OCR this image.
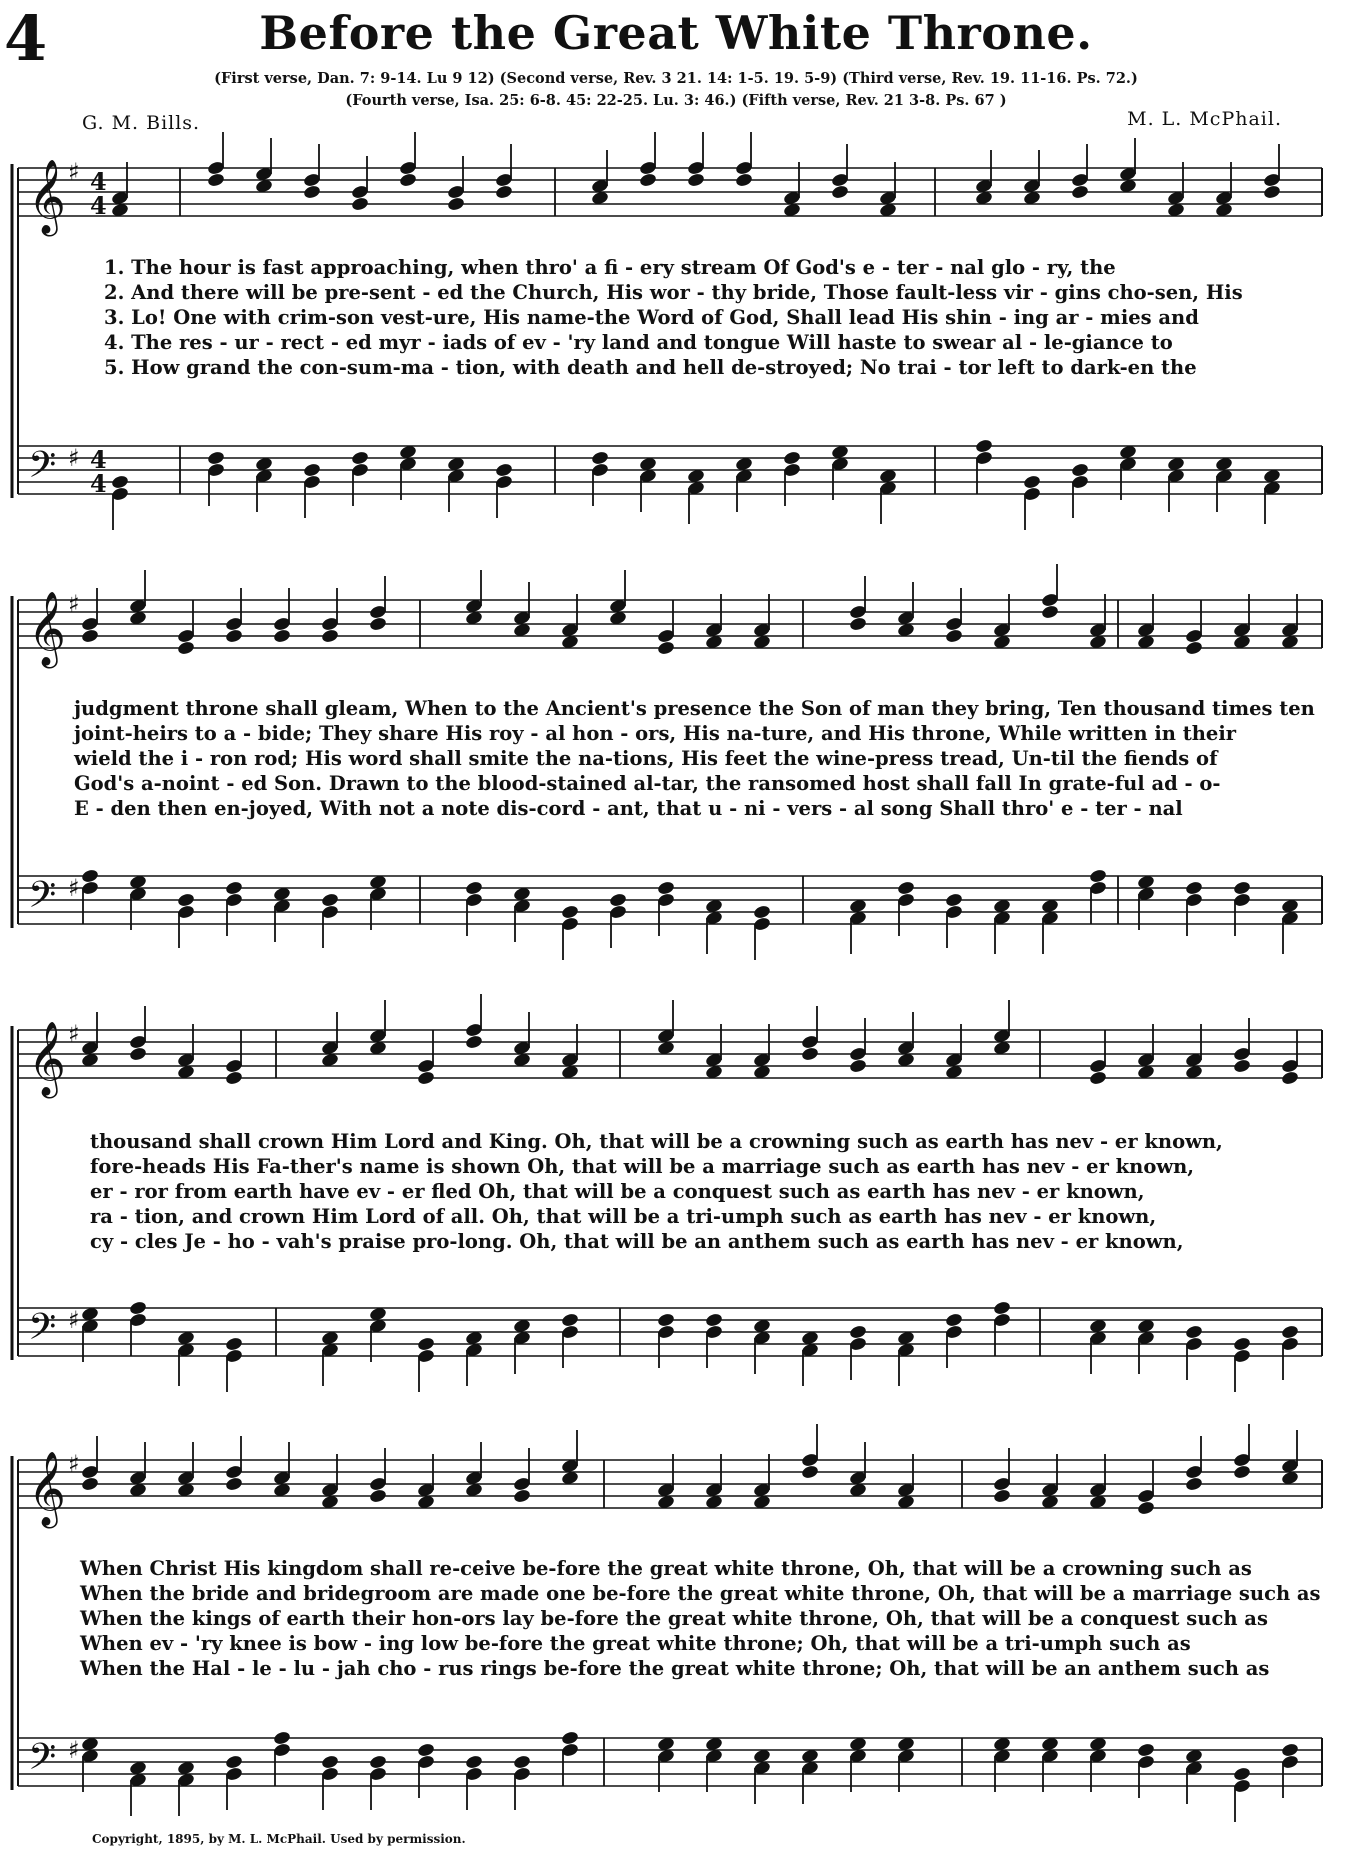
4	Before the Great White Throne.
(First verse, Dan. 7: 9-14. Lu 9 12) (Second verse, Rev. 3 21. 14: 1-5. 19. 5-9) (Third verse, Rev. 19. 11-16. Ps. 72.)
(Fourth verse, Isa. 25: 6-8. 45: 22-25. Lu. 3: 46.) (Fifth verse, Rev. 21 3-8. Ps. 67 )
G. M. Bills.	M. L. McPhail.
𝄞 ♯ 4
4
𝄢 ♯ 4
4
𝄞 ♯
𝄢 ♯
𝄞 ♯
𝄢 ♯
𝄞 ♯
𝄢 ♯
1. The hour is fast approaching, when thro' a fi - ery stream Of God's e - ter - nal glo - ry, the
2. And there will be pre-sent - ed the Church, His wor - thy bride, Those fault-less vir - gins cho-sen, His
3. Lo! One with crim-son vest-ure, His name-the Word of God, Shall lead His shin - ing ar - mies and
4. The res - ur - rect - ed myr - iads of ev - 'ry land and tongue Will haste to swear al - le-giance to
5. How grand the con-sum-ma - tion, with death and hell de-stroyed; No trai - tor left to dark-en the
judgment throne shall gleam, When to the Ancient's presence the Son of man they bring, Ten thousand times ten
joint-heirs to a - bide; They share His roy - al hon - ors, His na-ture, and His throne, While written in their
wield the i - ron rod; His word shall smite the na-tions, His feet the wine-press tread, Un-til the fiends of
God's a-noint - ed Son. Drawn to the blood-stained al-tar, the ransomed host shall fall In grate-ful ad - o-
E - den then en-joyed, With not a note dis-cord - ant, that u - ni - vers - al song Shall thro' e - ter - nal
thousand shall crown Him Lord and King. Oh, that will be a crowning such as earth has nev - er known,
fore-heads His Fa-ther's name is shown Oh, that will be a marriage such as earth has nev - er known,
er - ror from earth have ev - er fled Oh, that will be a conquest such as earth has nev - er known,
ra - tion, and crown Him Lord of all. Oh, that will be a tri-umph such as earth has nev - er known,
cy - cles Je - ho - vah's praise pro-long. Oh, that will be an anthem such as earth has nev - er known,
When Christ His kingdom shall re-ceive be-fore the great white throne, Oh, that will be a crowning such as
When the bride and bridegroom are made one be-fore the great white throne, Oh, that will be a marriage such as
When the kings of earth their hon-ors lay be-fore the great white throne, Oh, that will be a conquest such as
When ev - 'ry knee is bow - ing low be-fore the great white throne; Oh, that will be a tri-umph such as
When the Hal - le - lu - jah cho - rus rings be-fore the great white throne; Oh, that will be an anthem such as
Copyright, 1895, by M. L. McPhail. Used by permission.
